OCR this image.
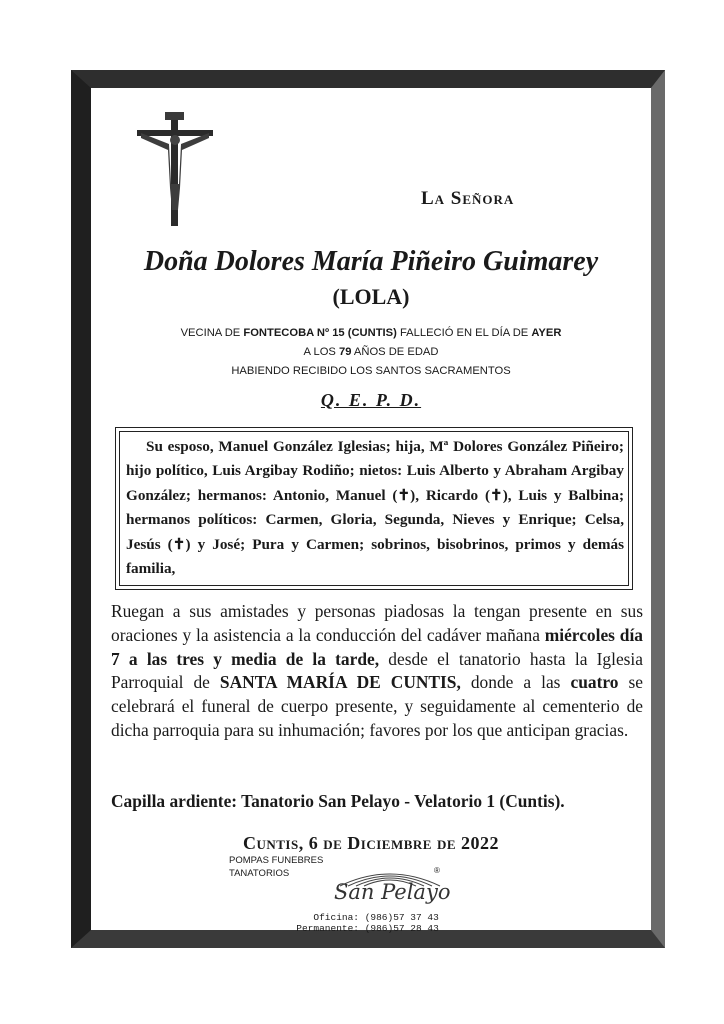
La Señora
Doña Dolores María Piñeiro Guimarey
(LOLA)
VECINA DE FONTECOBA Nº 15 (CUNTIS) FALLECIÓ EN EL DÍA DE AYER
A LOS 79 AÑOS DE EDAD
HABIENDO RECIBIDO LOS SANTOS SACRAMENTOS
Q. E. P. D.

Su esposo, Manuel González Iglesias; hija, Mª Dolores González Piñeiro; hijo político, Luis Argibay Rodiño; nietos: Luis Alberto y Abraham Argibay González; hermanos: Antonio, Manuel (✝), Ricardo (✝), Luis y Balbina; hermanos políticos: Carmen, Gloria, Segunda, Nieves y Enrique; Celsa, Jesús (✝) y José; Pura y Carmen; sobrinos, bisobrinos, primos y demás familia,

Ruegan a sus amistades y personas piadosas la tengan presente en sus oraciones y la asistencia a la conducción del cadáver mañana miércoles día 7 a las tres y media de la tarde, desde el tanatorio hasta la Iglesia Parroquial de SANTA MARÍA DE CUNTIS, donde a las cuatro se celebrará el funeral de cuerpo presente, y seguidamente al cementerio de dicha parroquia para su inhumación; favores por los que anticipan gracias.

Capilla ardiente: Tanatorio San Pelayo - Velatorio 1 (Cuntis).
Cuntis, 6 de Diciembre de 2022
POMPAS FUNEBRES
TANATORIOS
San Pelayo
®
Oficina: (986)57 37 43
Permanente: (986)57 28 43
